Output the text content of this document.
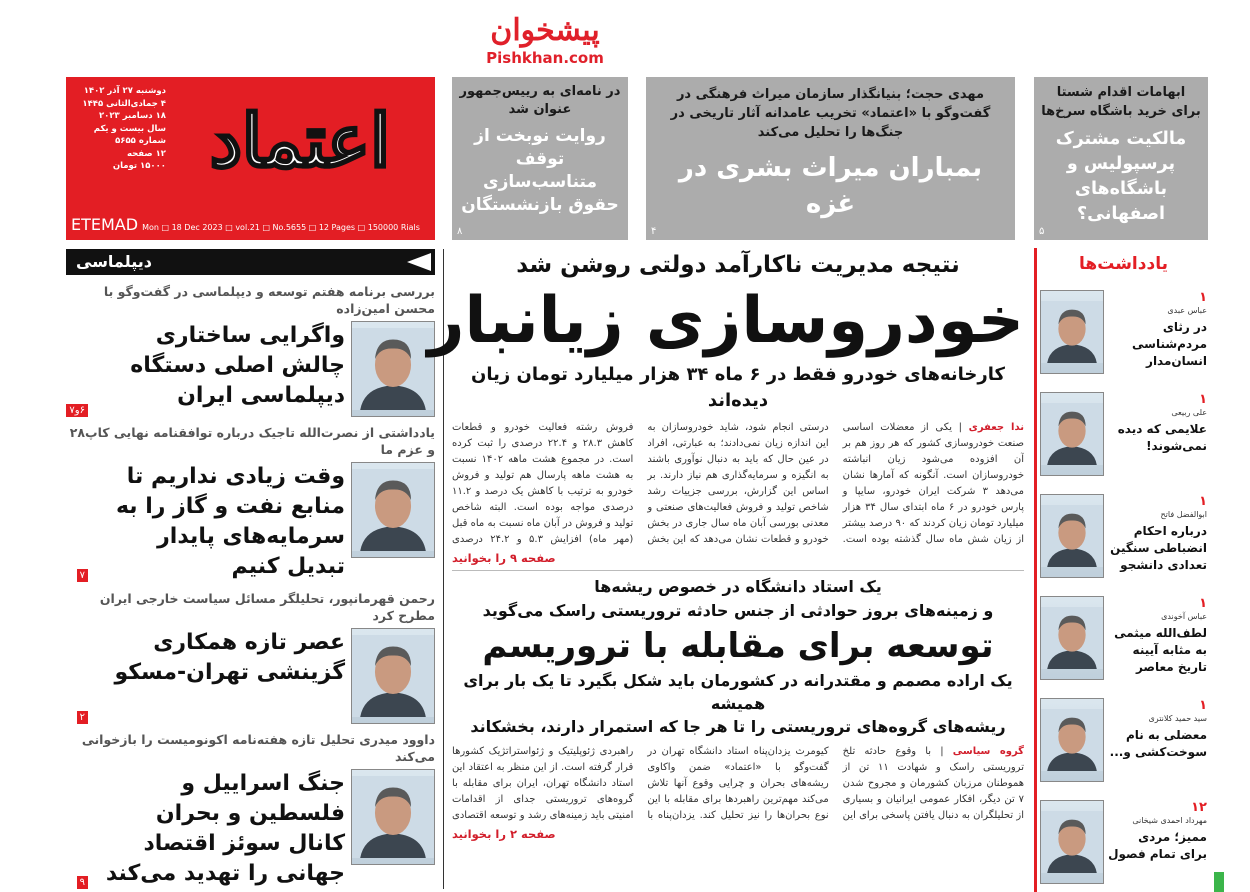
پیشخوان
Pishkhan.com
اعتماد
دوشنبه ۲۷ آذر ۱۴۰۲
۴ جمادی‌الثانی ۱۴۴۵
۱۸ دسامبر ۲۰۲۳
سال بیست و یکم
شماره ۵۶۵۵
۱۲ صفحه
۱۵۰۰۰ تومان
ETEMAD Mon □ 18 Dec 2023 □ vol.21 □ No.5655 □ 12 Pages □ 150000 Rials
در نامه‌ای به رییس‌جمهور عنوان شد
روایت نوبخت از توقف متناسب‌سازی حقوق بازنشستگان
۸
مهدی حجت؛ بنیانگذار سازمان میراث فرهنگی در گفت‌وگو با «اعتماد» تخریب عامدانه آثار تاریخی در جنگ‌ها را تحلیل می‌کند
بمباران میراث بشری در غزه
۴
ابهامات اقدام شستا برای خرید باشگاه سرخ‌ها
مالکیت مشترک پرسپولیس و باشگاه‌های اصفهانی؟
۵
دیپلماسی
بررسی برنامه هفتم توسعه و دیپلماسی در گفت‌وگو با محسن امین‌زاده
واگرایی ساختاری چالش اصلی دستگاه دیپلماسی ایران
۶و۷
یادداشتی از نصرت‌الله تاجیک درباره توافقنامه نهایی کاپ۲۸ و عزم ما
وقت زیادی نداریم تا منابع نفت و گاز را به سرمایه‌های پایدار تبدیل کنیم
۷
رحمن قهرمانپور، تحلیلگر مسائل سیاست خارجی ایران مطرح کرد
عصر تازه همکاری گزینشی تهران-مسکو
۲
داوود میدری تحلیل تازه هفته‌نامه اکونومیست را بازخوانی می‌کند
جنگ اسراییل و فلسطین و بحران کانال سوئز اقتصاد جهانی را تهدید می‌کند
۹
نتیجه مدیریت ناکارآمد دولتی روشن شد
خودروسازی زیانبار
کارخانه‌های خودرو فقط در ۶ ماه ۳۴ هزار میلیارد تومان زیان دیده‌اند

ندا جعفری | یکی از معضلات اساسی صنعت خودروسازی کشور که هر روز هم بر آن افزوده می‌شود زیان انباشته خودروسازان است. آنگونه که آمارها نشان می‌دهد ۳ شرکت ایران خودرو، سایپا و پارس خودرو در ۶ ماه ابتدای سال ۳۴ هزار میلیارد تومان زیان کردند که ۹۰ درصد بیشتر از زیان شش ماه سال گذشته بوده است.

درستی انجام شود، شاید خودروسازان به این اندازه زیان نمی‌دادند؛ به عبارتی، افراد در عین حال که باید به دنبال نوآوری باشند به انگیزه و سرمایه‌گذاری هم نیاز دارند. بر اساس این گزارش، بررسی جزییات رشد شاخص تولید و فروش فعالیت‌های صنعتی و معدنی بورسی آبان ماه سال جاری در بخش خودرو و قطعات نشان می‌دهد که این بخش

فروش رشته فعالیت خودرو و قطعات کاهش ۲۸.۳ و ۲۲.۴ درصدی را ثبت کرده است. در مجموع هشت ماهه ۱۴۰۲ نسبت به هشت ماهه پارسال هم تولید و فروش خودرو به ترتیب با کاهش یک درصد و ۱۱.۲ درصدی مواجه بوده است. البته شاخص تولید و فروش در آبان ماه نسبت به ماه قبل (مهر ماه) افزایش ۵.۳ و ۲۴.۲ درصدی

صفحه ۹ را بخوانید
یک استاد دانشگاه در خصوص ریشه‌ها
و زمینه‌های بروز حوادثی از جنس حادثه تروریستی راسک می‌گوید
توسعه برای مقابله با تروریسم
یک اراده مصمم و مقتدرانه در کشورمان باید شکل بگیرد تا یک بار برای همیشه
ریشه‌های گروه‌های تروریستی را تا هر جا که استمرار دارند، بخشکاند

گروه سیاسی | با وقوع حادثه تلخ تروریستی راسک و شهادت ۱۱ تن از هموطنان مرزبان کشورمان و مجروح شدن ۷ تن دیگر، افکار عمومی ایرانیان و بسیاری از تحلیلگران به دنبال یافتن پاسخی برای این

کیومرث یزدان‌پناه استاد دانشگاه تهران در گفت‌وگو با «اعتماد» ضمن واکاوی ریشه‌های بحران و چرایی وقوع آنها تلاش می‌کند مهم‌ترین راهبردها برای مقابله با این نوع بحران‌ها را نیز تحلیل کند. یزدان‌پناه با

راهبردی ژئوپلیتیک و ژئواستراتژیک کشورها قرار گرفته است. از این منظر به اعتقاد این استاد دانشگاه تهران، ایران برای مقابله با گروه‌های تروریستی جدای از اقدامات امنیتی باید زمینه‌های رشد و توسعه اقتصادی

صفحه ۲ را بخوانید
یادداشت‌ها
۱
عباس عبدی
در رثای مردم‌شناسی انسان‌مدار
۱
علی ربیعی
علایمی که دیده نمی‌شوند!
۱
ابوالفضل فاتح
درباره احکام انضباطی سنگین تعدادی دانشجو
۱
عباس آخوندی
لطف‌الله میثمی به مثابه آیینه تاریخ معاصر
۱
سید حمید کلانتری
معضلی به نام سوخت‌کشی و...
۱۲
مهرداد احمدی شیخانی
ممیز؛ مردی برای تمام فصول
